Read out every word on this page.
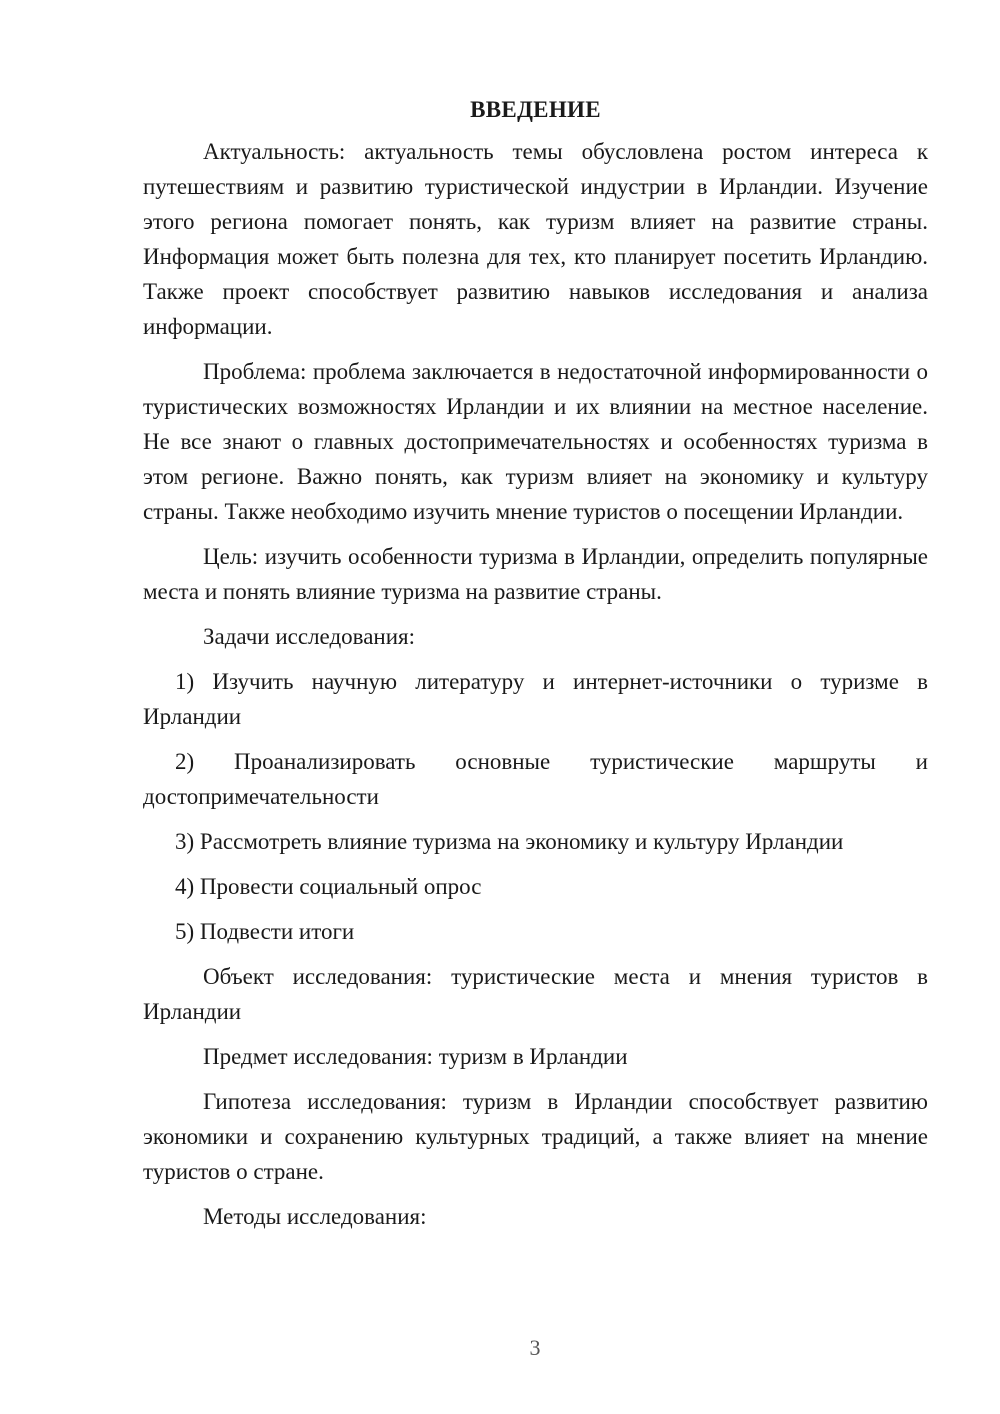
ВВЕДЕНИЕ

Актуальность: актуальность темы обусловлена ростом интереса к путешествиям и развитию туристической индустрии в Ирландии. Изучение этого региона помогает понять, как туризм влияет на развитие страны. Информация может быть полезна для тех, кто планирует посетить Ирландию. Также проект способствует развитию навыков исследования и анализа информации.

Проблема: проблема заключается в недостаточной информированности о туристических возможностях Ирландии и их влиянии на местное население. Не все знают о главных достопримечательностях и особенностях туризма в этом регионе. Важно понять, как туризм влияет на экономику и культуру страны. Также необходимо изучить мнение туристов о посещении Ирландии.

Цель: изучить особенности туризма в Ирландии, определить популярные места и понять влияние туризма на развитие страны.

Задачи исследования:

1) Изучить научную литературу и интернет-источники о туризме в Ирландии

2) Проанализировать основные туристические маршруты и достопримечательности

3) Рассмотреть влияние туризма на экономику и культуру Ирландии

4) Провести социальный опрос

5) Подвести итоги

Объект исследования: туристические места и мнения туристов в Ирландии

Предмет исследования: туризм в Ирландии

Гипотеза исследования: туризм в Ирландии способствует развитию экономики и сохранению культурных традиций, а также влияет на мнение туристов о стране.

Методы исследования:

3
